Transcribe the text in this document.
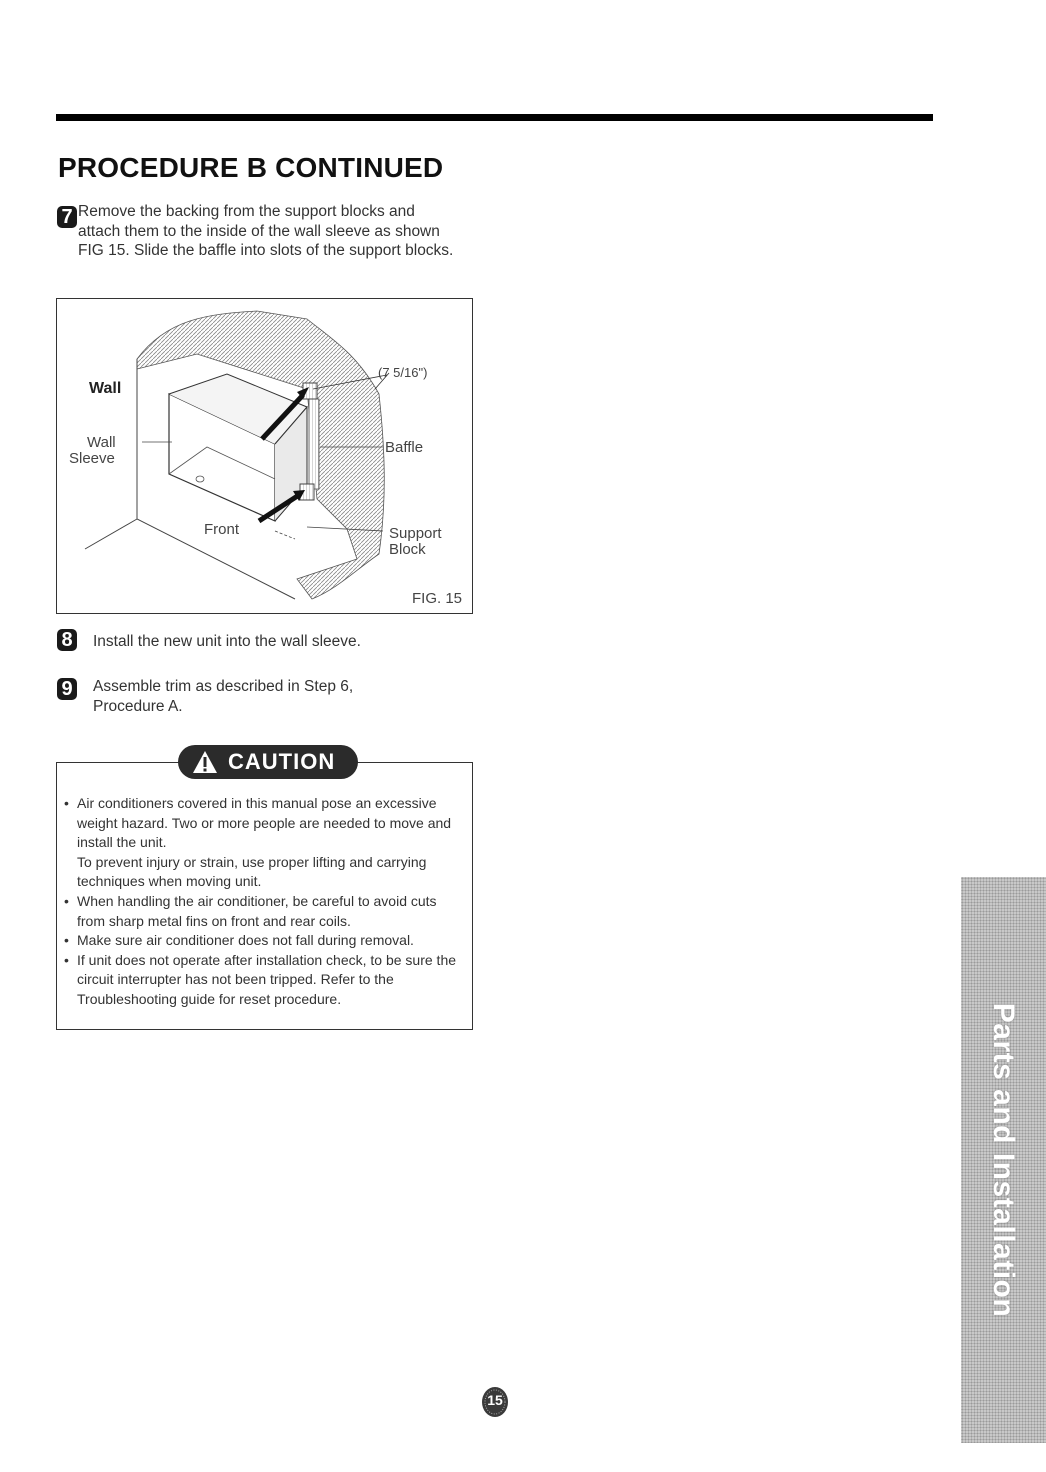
PROCEDURE B CONTINUED
7 Remove the backing from the support blocks and attach them to the inside of the wall sleeve as shown FIG 15. Slide the baffle into slots of the support blocks.

Wall
Wall
Sleeve
(7 5/16")
Baffle
Front	Support
Block
FIG. 15
8 Install the new unit into the wall sleeve.

9 Assemble trim as described in Step 6,
Procedure A.

CAUTION
• Air conditioners covered in this manual pose an excessive weight hazard. Two or more people are needed to move and install the unit.
To prevent injury or strain, use proper lifting and carrying techniques when moving unit.
• When handling the air conditioner, be careful to avoid cuts from sharp metal fins on front and rear coils.
• Make sure air conditioner does not fall during removal.
• If unit does not operate after installation check, to be sure the circuit interrupter has not been tripped. Refer to the Troubleshooting guide for reset procedure.
Parts and Installation
15
